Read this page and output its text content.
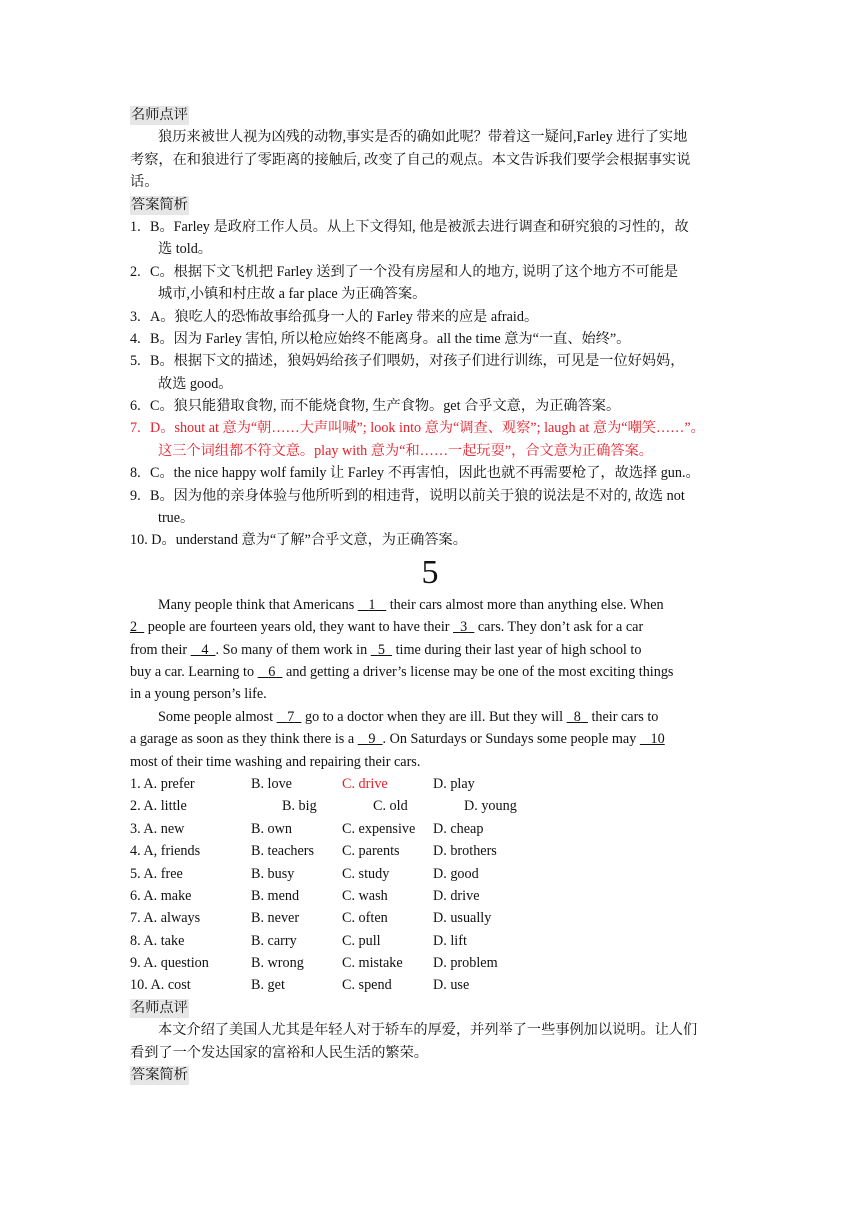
名师点评
狼历来被世人视为凶残的动物,事实是否的确如此呢？带着这一疑问,Farley 进行了实地
考察，在和狼进行了零距离的接触后, 改变了自己的观点。本文告诉我们要学会根据事实说
话。
答案简析
1. B。Farley 是政府工作人员。从上下文得知, 他是被派去进行调查和研究狼的习性的，故
选 told。
2. C。根据下文飞机把 Farley 送到了一个没有房屋和人的地方, 说明了这个地方不可能是
城市,小镇和村庄故 a far place 为正确答案。
3. A。狼吃人的恐怖故事给孤身一人的 Farley 带来的应是 afraid。
4. B。因为 Farley 害怕, 所以枪应始终不能离身。all the time 意为“一直、始终”。
5. B。根据下文的描述，狼妈妈给孩子们喂奶，对孩子们进行训练，可见是一位好妈妈，
故选 good。
6. C。狼只能猎取食物, 而不能烧食物, 生产食物。get 合乎文意，为正确答案。
7. D。shout at 意为“朝……大声叫喊”; look into 意为“调查、观察”; laugh at 意为“嘲笑……”。
这三个词组都不符文意。play with 意为“和……一起玩耍”，合文意为正确答案。
8. C。the nice happy wolf family 让 Farley 不再害怕，因此也就不再需要枪了，故选择 gun.。
9. B。因为他的亲身体验与他所听到的相违背，说明以前关于狼的说法是不对的, 故选 not
true。
10. D。understand 意为“了解”合乎文意，为正确答案。
5
Many people think that Americans    1    their cars almost more than anything else. When
2   people are fourteen years old, they want to have their   3   cars. They don’t ask for a car
from their    4 . So many of them work in   5   time during their last year of high school to
buy a car. Learning to    6   and getting a driver’s license may be one of the most exciting things
in a young person’s life.
Some people almost    7   go to a doctor when they are ill. But they will   8   their cars to
a garage as soon as they think there is a    9 . On Saturdays or Sundays some people may    10
most of their time washing and repairing their cars.
1. A. prefer	B. love	C. drive	D. play
2. A. little	B. big	C. old	D. young
3. A. new	B. own	C. expensive D. cheap
4. A, friends	B. teachers C. parents D. brothers
5. A. free	B. busy	C. study	D. good
6. A. make	B. mend	C. wash	D. drive
7. A. always	B. never	C. often	D. usually
8. A. take	B. carry	C. pull	D. lift
9. A. question	B. wrong	C. mistake D. problem
10. A. cost	B. get	C. spend	D. use
名师点评
本文介绍了美国人尤其是年轻人对于轿车的厚爱，并列举了一些事例加以说明。让人们
看到了一个发达国家的富裕和人民生活的繁荣。
答案简析
